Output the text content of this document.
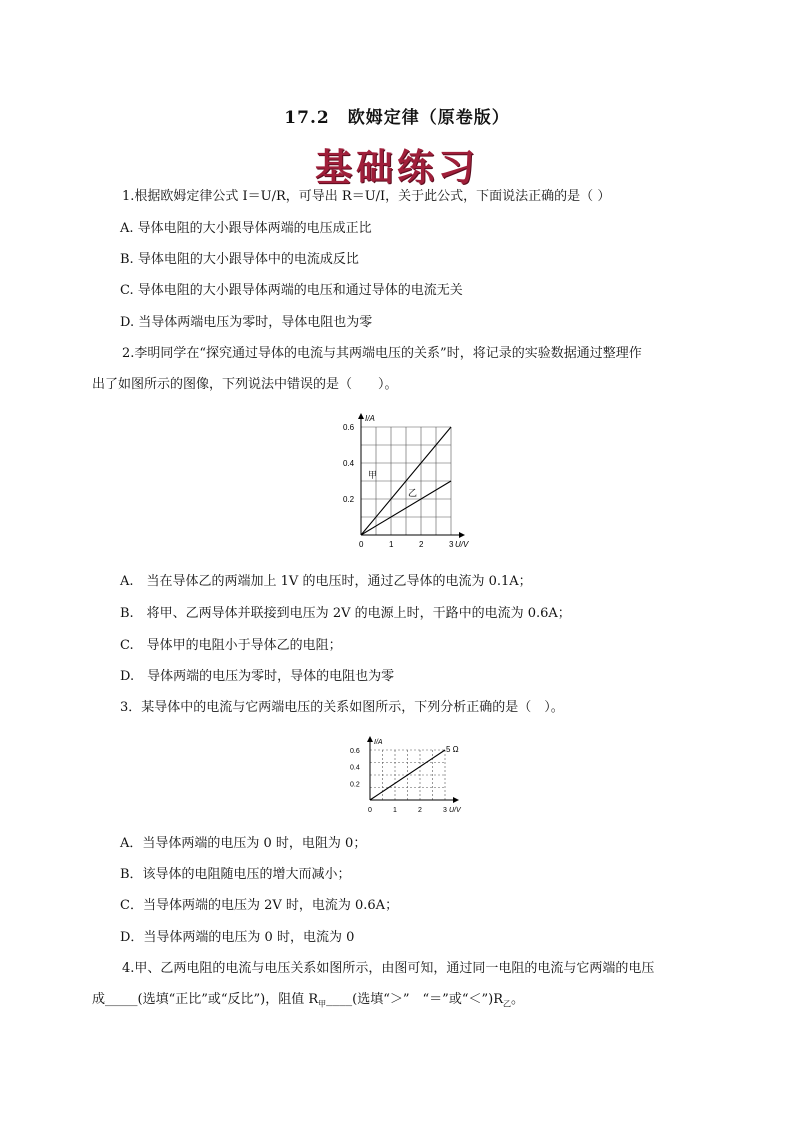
17.2　欧姆定律（原卷版）
基础练习
1.根据欧姆定律公式 I＝U/R，可导出 R＝U/I，关于此公式，下面说法正确的是（ ）
A. 导体电阻的大小跟导体两端的电压成正比
B. 导体电阻的大小跟导体中的电流成反比
C. 导体电阻的大小跟导体两端的电压和通过导体的电流无关
D. 当导体两端电压为零时，导体电阻也为零
2.李明同学在“探究通过导体的电流与其两端电压的关系”时，将记录的实验数据通过整理作
出了如图所示的图像，下列说法中错误的是（　　）。
I/A
U/V
0	1	2	3
0.2
0.4
0.6
甲
乙
A.　当在导体乙的两端加上 1V 的电压时，通过乙导体的电流为 0.1A；
B.　将甲、乙两导体并联接到电压为 2V 的电源上时，干路中的电流为 0.6A；
C.　导体甲的电阻小于导体乙的电阻；
D.　导体两端的电压为零时，导体的电阻也为零
3．某导体中的电流与它两端电压的关系如图所示，下列分析正确的是（　）。
I/A
U/V
0	1	2	3
0.2
0.4
0.6	5 Ω
A．当导体两端的电压为 0 时，电阻为 0；
B．该导体的电阻随电压的增大而减小；
C．当导体两端的电压为 2V 时，电流为 0.6A；
D．当导体两端的电压为 0 时，电流为 0
4.甲、乙两电阻的电流与电压关系如图所示，由图可知，通过同一电阻的电流与它两端的电压
成_____(选填“正比”或“反比”)，阻值 $R_甲\_\_\_\_$(选填“＞”　“＝”或“$<”)R_乙$。
